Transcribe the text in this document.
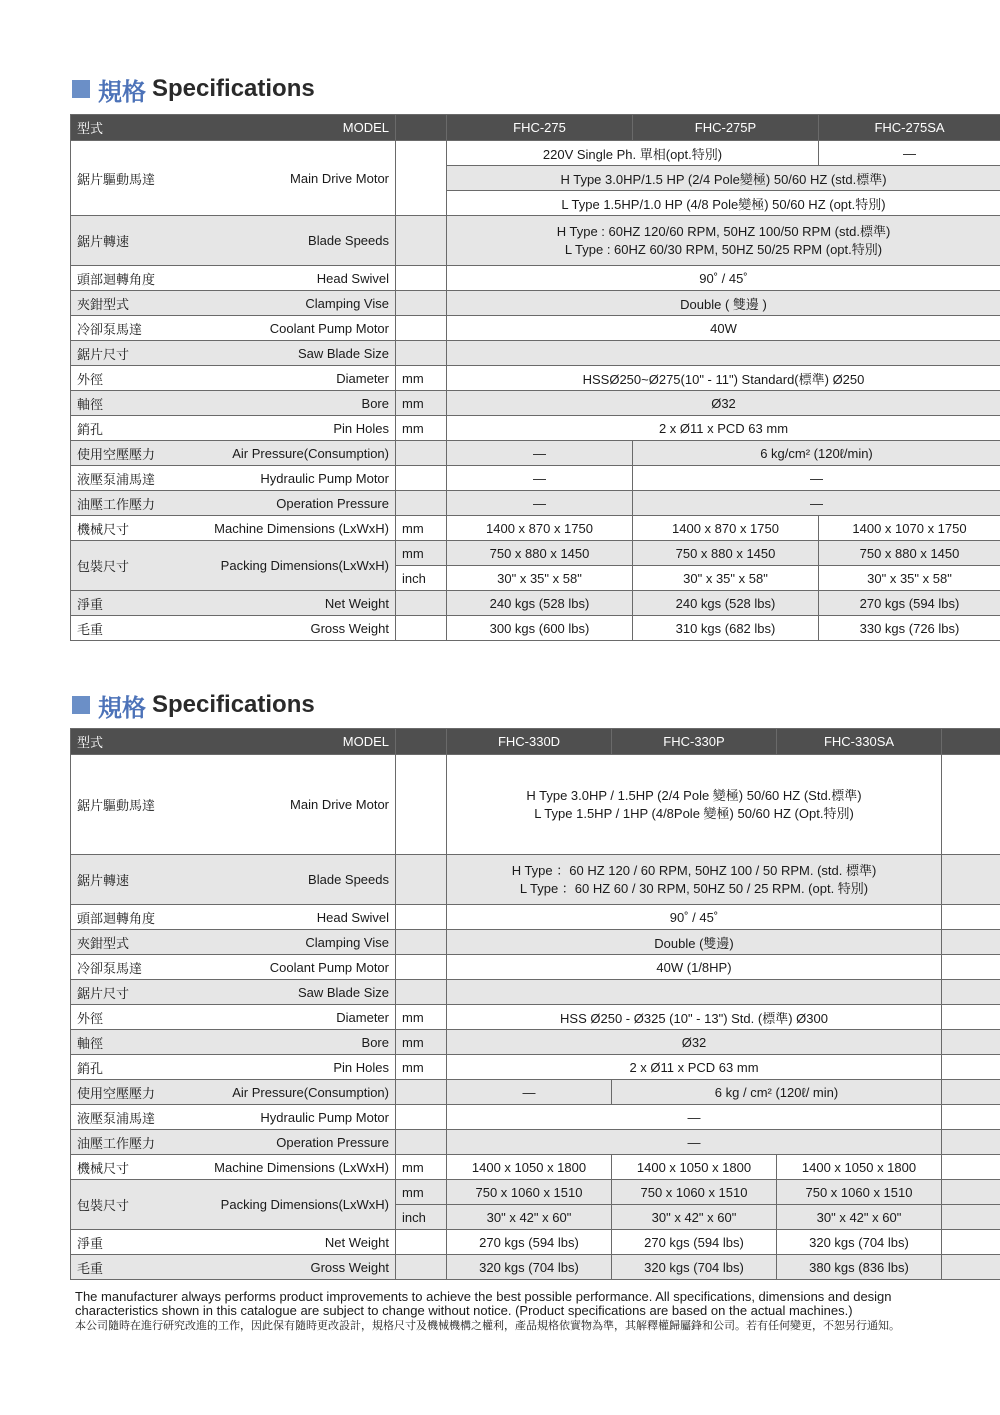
規格 Specifications
型式	MODEL		FHC-275	FHC-275P	FHC-275SA
鋸片驅動馬達	Main Drive Motor		220V Single Ph. 單相(opt.特別)		—
			H Type 3.0HP/1.5 HP (2/4 Pole變極) 50/60 HZ (std.標準)		
			L Type 1.5HP/1.0 HP (4/8 Pole變極) 50/60 HZ (opt.特別)		
鋸片轉速	Blade Speeds		H Type : 60HZ 120/60 RPM, 50HZ 100/50 RPM (std.標準)
L Type : 60HZ 60/30 RPM, 50HZ 50/25 RPM (opt.特別)		

頭部迴轉角度	Head Swivel		90˚ / 45˚		
夾鉗型式	Clamping Vise		Double ( 雙邊 )		
冷卻泵馬達	Coolant Pump Motor		40W		
鋸片尺寸	Saw Blade Size				
外徑	Diameter	mm	HSSØ250~Ø275(10" - 11") Standard(標準) Ø250		
軸徑	Bore	mm	Ø32		
銷孔	Pin Holes	mm	2 x Ø11 x PCD 63 mm		
使用空壓壓力	Air Pressure(Consumption)		—	6 kg/cm² (120ℓ/min)	
液壓泵浦馬達	Hydraulic Pump Motor		—	—	
油壓工作壓力	Operation Pressure		—	—	
機械尺寸	Machine Dimensions (LxWxH)	mm	1400 x 870 x 1750	1400 x 870 x 1750	1400 x 1070 x 1750
包裝尺寸	Packing Dimensions(LxWxH)	mm	750 x 880 x 1450	750 x 880 x 1450	750 x 880 x 1450
		inch	30" x 35" x 58"	30" x 35" x 58"	30" x 35" x 58"
淨重	Net Weight		240 kgs (528 lbs)	240 kgs (528 lbs)	270 kgs (594 lbs)
毛重	Gross Weight		300 kgs (600 lbs)	310 kgs (682 lbs)	330 kgs (726 lbs)
規格 Specifications
型式	MODEL		FHC-330D	FHC-330P	FHC-330SA	
鋸片驅動馬達	Main Drive Motor		H Type 3.0HP / 1.5HP (2/4 Pole 變極) 50/60 HZ (Std.標準)
L Type 1.5HP / 1HP (4/8Pole 變極) 50/60 HZ (Opt.特別)			

鋸片轉速	Blade Speeds		H Type ：60 HZ 120 / 60 RPM, 50HZ 100 / 50 RPM. (std. 標準)
L Type ：60 HZ 60 / 30 RPM, 50HZ 50 / 25 RPM. (opt. 特別)			

頭部迴轉角度	Head Swivel		90˚ / 45˚			
夾鉗型式	Clamping Vise		Double (雙邊)			
冷卻泵馬達	Coolant Pump Motor		40W (1/8HP)			
鋸片尺寸	Saw Blade Size					
外徑	Diameter	mm	HSS Ø250 - Ø325 (10" - 13") Std. (標準) Ø300			
軸徑	Bore	mm	Ø32			
銷孔	Pin Holes	mm	2 x Ø11 x PCD 63 mm			
使用空壓壓力	Air Pressure(Consumption)		—	6 kg / cm² (120ℓ/ min)		
液壓泵浦馬達	Hydraulic Pump Motor		—			
油壓工作壓力	Operation Pressure		—			
機械尺寸	Machine Dimensions (LxWxH)	mm	1400 x 1050 x 1800	1400 x 1050 x 1800	1400 x 1050 x 1800	
包裝尺寸	Packing Dimensions(LxWxH)	mm	750 x 1060 x 1510	750 x 1060 x 1510	750 x 1060 x 1510	
		inch	30" x 42" x 60"	30" x 42" x 60"	30" x 42" x 60"	
淨重	Net Weight		270 kgs (594 lbs)	270 kgs (594 lbs)	320 kgs (704 lbs)	
毛重	Gross Weight		320 kgs (704 lbs)	320 kgs (704 lbs)	380 kgs (836 lbs)	
The manufacturer always performs product improvements to achieve the best possible performance. All specifications, dimensions and design
characteristics shown in this catalogue are subject to change without notice. (Product specifications are based on the actual machines.)
本公司隨時在進行研究改進的工作，因此保有隨時更改設計，規格尺寸及機械機構之權利，產品規格依實物為準，其解釋權歸屬鋒和公司。若有任何變更，不恕另行通知。
